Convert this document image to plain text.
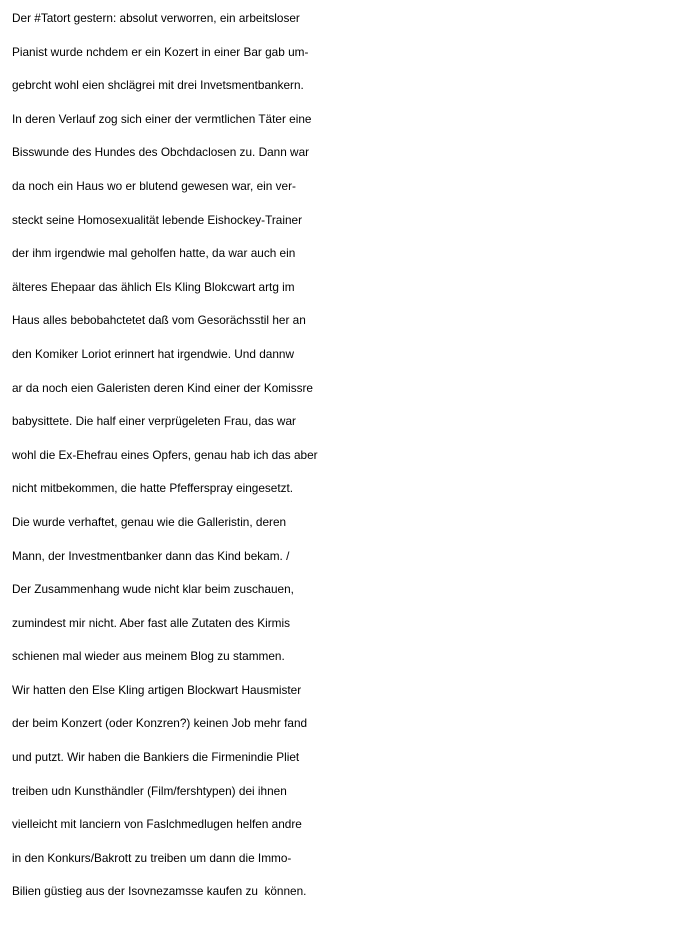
Der #Tatort gestern: absolut verworren, ein arbeitsloser
Pianist wurde nchdem er ein Kozert in einer Bar gab um-
gebrcht wohl eien shclägrei mit drei Invetsmentbankern.
In deren Verlauf zog sich einer der vermtlichen Täter eine
Bisswunde des Hundes des Obchdaclosen zu. Dann war
da noch ein Haus wo er blutend gewesen war, ein ver-
steckt seine Homosexualität lebende Eishockey-Trainer
der ihm irgendwie mal geholfen hatte, da war auch ein
älteres Ehepaar das ählich Els Kling Blokcwart artg im
Haus alles bebobahctetet daß vom Gesorächsstil her an
den Komiker Loriot erinnert hat irgendwie. Und dannw
ar da noch eien Galeristen deren Kind einer der Komissre
babysittete. Die half einer verprügeleten Frau, das war
wohl die Ex-Ehefrau eines Opfers, genau hab ich das aber
nicht mitbekommen, die hatte Pfefferspray eingesetzt.
Die wurde verhaftet, genau wie die Galleristin, deren
Mann, der Investmentbanker dann das Kind bekam. /
Der Zusammenhang wude nicht klar beim zuschauen,
zumindest mir nicht. Aber fast alle Zutaten des Kirmis
schienen mal wieder aus meinem Blog zu stammen.
Wir hatten den Else Kling artigen Blockwart Hausmister
der beim Konzert (oder Konzren?) keinen Job mehr fand
und putzt. Wir haben die Bankiers die Firmenindie Pliet
treiben udn Kunsthändler (Film/fershtypen) dei ihnen
vielleicht mit lanciern von Faslchmedlugen helfen andre
in den Konkurs/Bakrott zu treiben um dann die Immo-
Bilien güstieg aus der Isovnezamsse kaufen zu  können.
